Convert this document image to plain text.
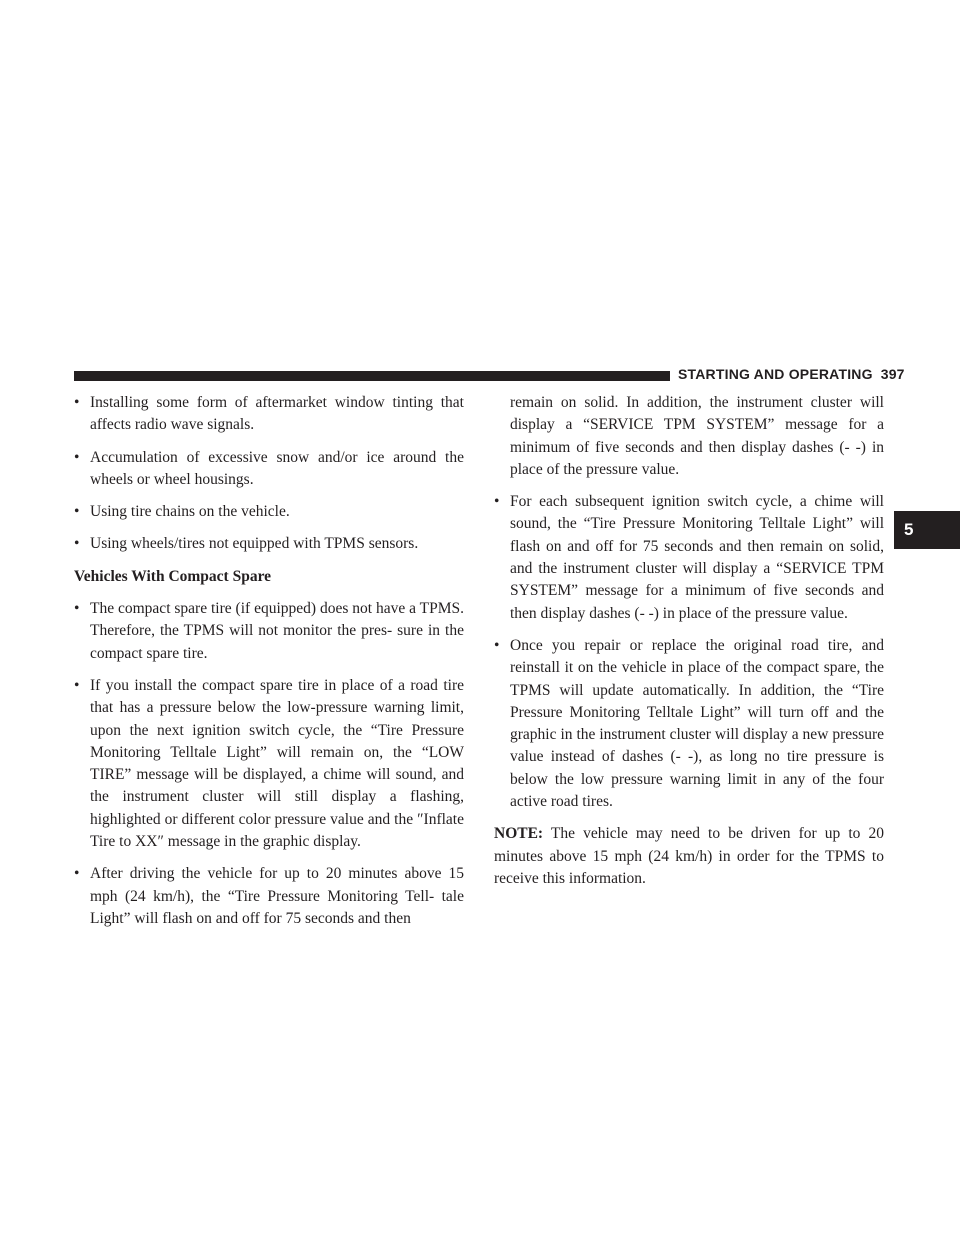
STARTING AND OPERATING 397
5
• Installing some form of aftermarket window tinting that affects radio wave signals.
• Accumulation of excessive snow and/or ice around the wheels or wheel housings.
• Using tire chains on the vehicle.
• Using wheels/tires not equipped with TPMS sensors.
Vehicles With Compact Spare
• The compact spare tire (if equipped) does not have a TPMS. Therefore, the TPMS will not monitor the pres- sure in the compact spare tire.
• If you install the compact spare tire in place of a road tire that has a pressure below the low-pressure warning limit, upon the next ignition switch cycle, the “Tire Pressure Monitoring Telltale Light” will remain on, the “LOW TIRE” message will be displayed, a chime will sound, and the instrument cluster will still display a flashing, highlighted or different color pressure value and the ″Inflate Tire to XX″ message in the graphic display.
• After driving the vehicle for up to 20 minutes above 15 mph (24 km/h), the “Tire Pressure Monitoring Tell- tale Light” will flash on and off for 75 seconds and then
remain on solid. In addition, the instrument cluster will display a “SERVICE TPM SYSTEM” message for a minimum of five seconds and then display dashes (- -) in place of the pressure value.
• For each subsequent ignition switch cycle, a chime will sound, the “Tire Pressure Monitoring Telltale Light” will flash on and off for 75 seconds and then remain on solid, and the instrument cluster will display a “SERVICE TPM SYSTEM” message for a minimum of five seconds and then display dashes (- -) in place of the pressure value.
• Once you repair or replace the original road tire, and reinstall it on the vehicle in place of the compact spare, the TPMS will update automatically. In addition, the “Tire Pressure Monitoring Telltale Light” will turn off and the graphic in the instrument cluster will display a new pressure value instead of dashes (- -), as long no tire pressure is below the low pressure warning limit in any of the four active road tires.

NOTE: The vehicle may need to be driven for up to 20 minutes above 15 mph (24 km/h) in order for the TPMS to receive this information.
